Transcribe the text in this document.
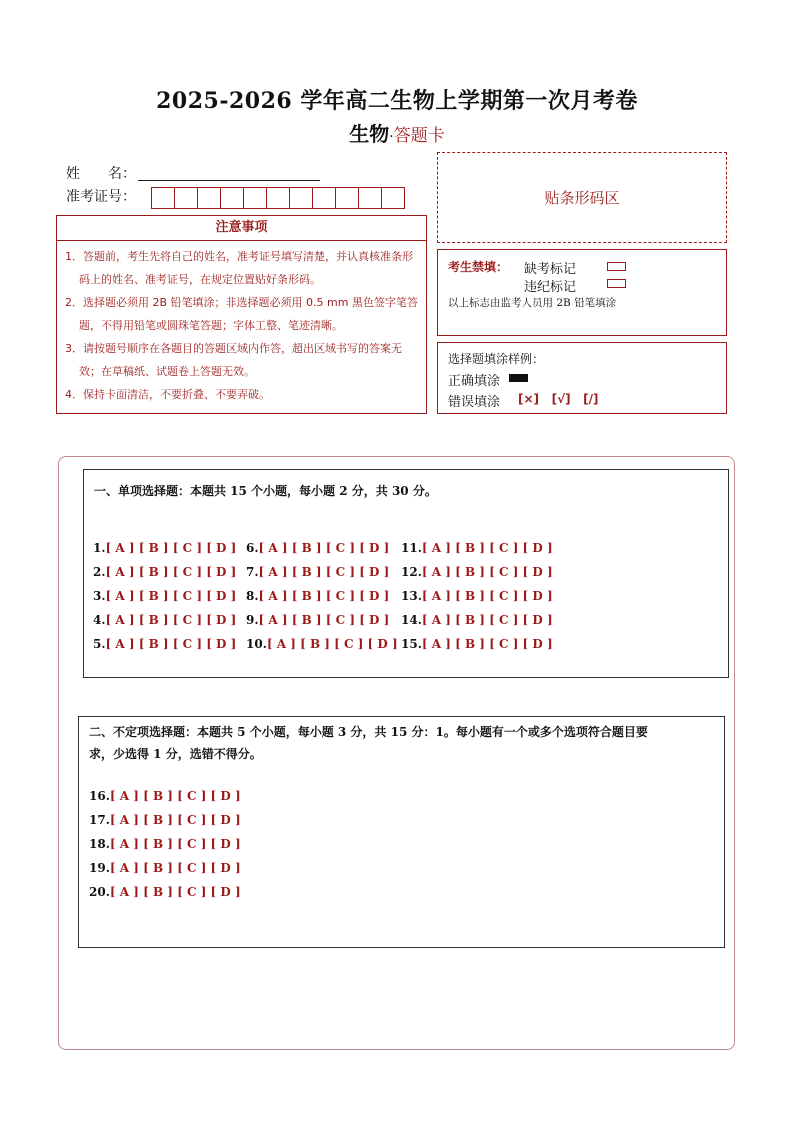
2025-2026 学年高二生物上学期第一次月考卷
生物·答题卡
姓　　名：
准考证号：	贴条形码区
注意事项
1．答题前，考生先将自己的姓名，准考证号填写清楚，并认真核准条形码上的姓名、准考证号，在规定位置贴好条形码。
2．选择题必须用 2B 铅笔填涂；非选择题必须用 0.5 mm 黑色签字笔答题，不得用铅笔或圆珠笔答题；字体工整、笔迹清晰。
3．请按题号顺序在各题目的答题区域内作答，超出区域书写的答案无效；在草稿纸、试题卷上答题无效。
4．保持卡面清洁，不要折叠、不要弄破。
考生禁填： 缺考标记
违纪标记
以上标志由监考人员用 2B 铅笔填涂
选择题填涂样例：
正确填涂
错误填涂 [×] [√] [/]
一、单项选择题：本题共 15 个小题，每小题 2 分，共 30 分。
1.[ A ] [ B ] [ C ] [ D ]
2.[ A ] [ B ] [ C ] [ D ]
3.[ A ] [ B ] [ C ] [ D ]
4.[ A ] [ B ] [ C ] [ D ]
5.[ A ] [ B ] [ C ] [ D ]
6.[ A ] [ B ] [ C ] [ D ]
7.[ A ] [ B ] [ C ] [ D ]
8.[ A ] [ B ] [ C ] [ D ]
9.[ A ] [ B ] [ C ] [ D ]
10.[ A ] [ B ] [ C ] [ D ]
11.[ A ] [ B ] [ C ] [ D ]
12.[ A ] [ B ] [ C ] [ D ]
13.[ A ] [ B ] [ C ] [ D ]
14.[ A ] [ B ] [ C ] [ D ]
15.[ A ] [ B ] [ C ] [ D ]
二、不定项选择题：本题共 5 个小题，每小题 3 分，共 15 分：1。每小题有一个或多个选项符合题目要
求，少选得 1 分，选错不得分。
16.[ A ] [ B ] [ C ] [ D ]
17.[ A ] [ B ] [ C ] [ D ]
18.[ A ] [ B ] [ C ] [ D ]
19.[ A ] [ B ] [ C ] [ D ]
20.[ A ] [ B ] [ C ] [ D ]
